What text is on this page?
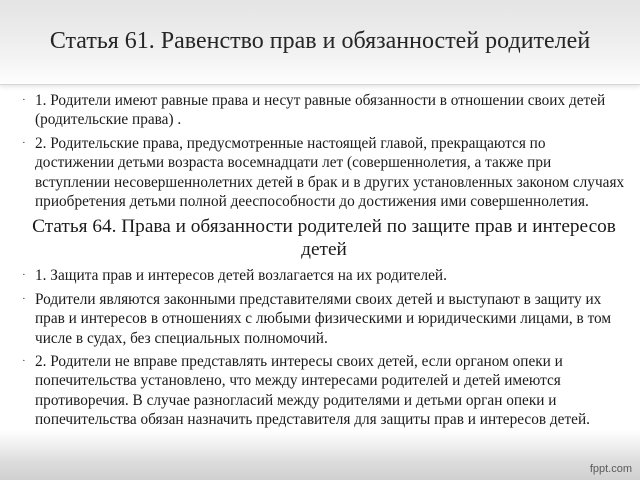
Статья 61. Равенство прав и обязанностей родителей
· 1. Родители имеют равные права и несут равные обязанности в отношении своих детей (родительские права) .
· 2. Родительские права, предусмотренные настоящей главой, прекращаются по достижении детьми возраста восемнадцати лет (совершеннолетия, а также при вступлении несовершеннолетних детей в брак и в других установленных законом случаях приобретения детьми полной дееспособности до достижения ими совершеннолетия.
Статья 64. Права и обязанности родителей по защите прав и интересов детей
· 1. Защита прав и интересов детей возлагается на их родителей.
· Родители являются законными представителями своих детей и выступают в защиту их прав и интересов в отношениях с любыми физическими и юридическими лицами, в том числе в судах, без специальных полномочий.
· 2. Родители не вправе представлять интересы своих детей, если органом опеки и попечительства установлено, что между интересами родителей и детей имеются противоречия. В случае разногласий между родителями и детьми орган опеки и попечительства обязан назначить представителя для защиты прав и интересов детей.
fppt.com
